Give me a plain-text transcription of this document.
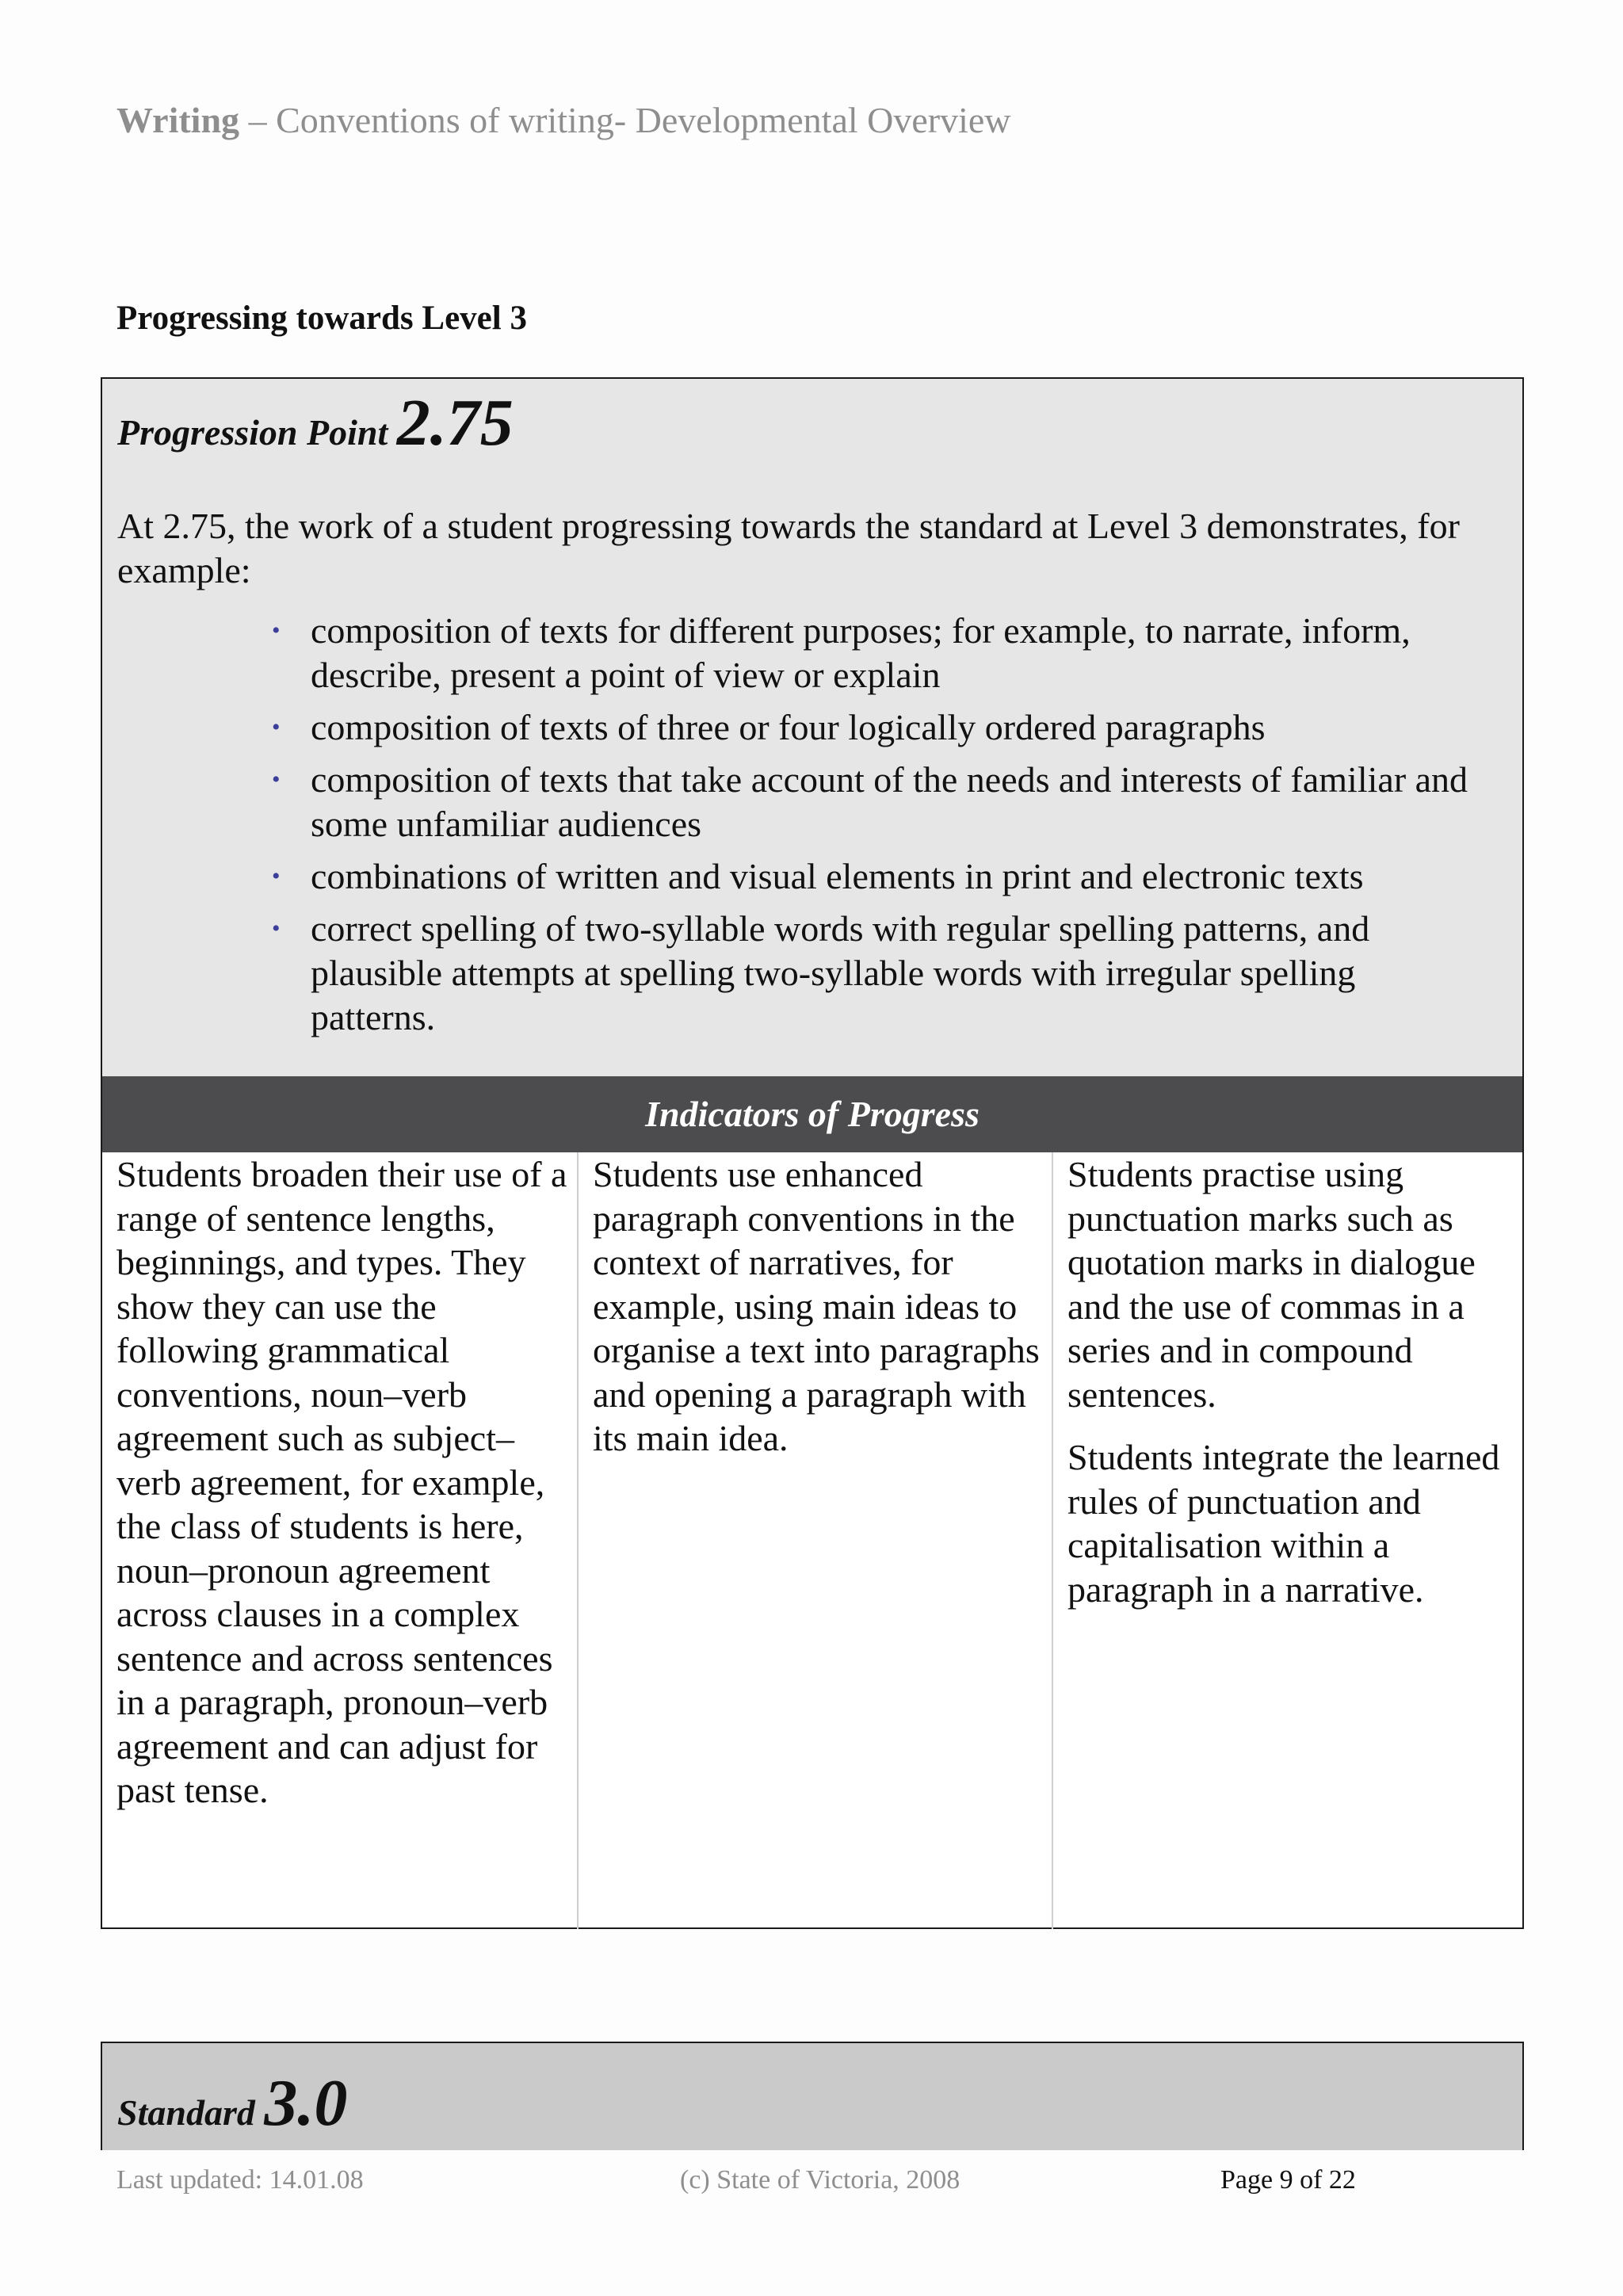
Writing – Conventions of writing- Developmental Overview
Progressing towards Level 3
Progression Point 2.75
At 2.75, the work of a student progressing towards the standard at Level 3 demonstrates, for example:
• composition of texts for different purposes; for example, to narrate, inform, describe, present a point of view or explain
• composition of texts of three or four logically ordered paragraphs
• composition of texts that take account of the needs and interests of familiar and some unfamiliar audiences
• combinations of written and visual elements in print and electronic texts
• correct spelling of two-syllable words with regular spelling patterns, and plausible attempts at spelling two-syllable words with irregular spelling patterns.
Indicators of Progress

Students broaden their use of a range of sentence lengths, beginnings, and types. They show they can use the following grammatical conventions, noun–verb agreement such as subject–verb agreement, for example, the class of students is here, noun–pronoun agreement across clauses in a complex sentence and across sentences in a paragraph, pronoun–verb agreement and can adjust for past tense.

Students use enhanced paragraph conventions in the context of narratives, for example, using main ideas to organise a text into paragraphs and opening a paragraph with its main idea.

Students practise using punctuation marks such as quotation marks in dialogue and the use of commas in a series and in compound sentences.

Students integrate the learned rules of punctuation and capitalisation within a paragraph in a narrative.

Standard 3.0
Last updated: 14.01.08	(c) State of Victoria, 2008	Page 9 of 22
